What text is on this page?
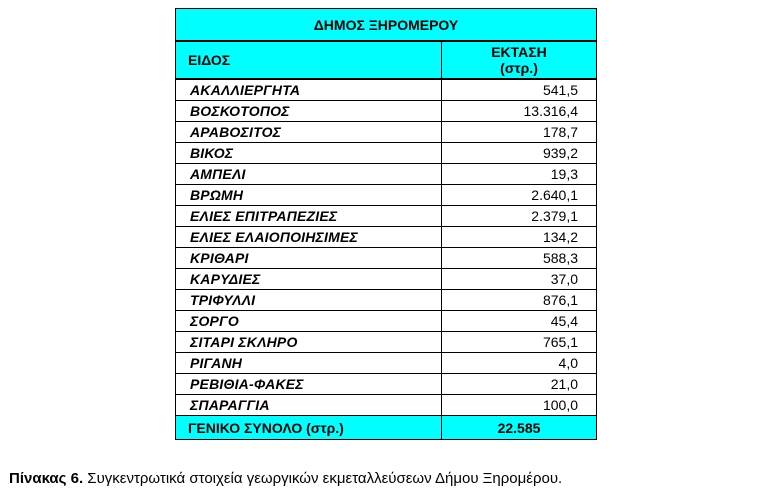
ΔΗΜΟΣ ΞΗΡΟΜΕΡΟΥ	
ΕΙΔΟΣ	ΕΚΤΑΣΗ
(στρ.)
ΑΚΑΛΛΙΕΡΓΗΤΑ	541,5
ΒΟΣΚΟΤΟΠΟΣ	13.316,4
ΑΡΑΒΟΣΙΤΟΣ	178,7
ΒΙΚΟΣ	939,2
ΑΜΠΕΛΙ	19,3
ΒΡΩΜΗ	2.640,1
ΕΛΙΕΣ ΕΠΙΤΡΑΠΕΖΙΕΣ	2.379,1
ΕΛΙΕΣ ΕΛΑΙΟΠΟΙΗΣΙΜΕΣ	134,2
ΚΡΙΘΑΡΙ	588,3
ΚΑΡΥΔΙΕΣ	37,0
ΤΡΙΦΥΛΛΙ	876,1
ΣΟΡΓΟ	45,4
ΣΙΤΑΡΙ ΣΚΛΗΡΟ	765,1
ΡΙΓΑΝΗ	4,0
ΡΕΒΙΘΙΑ-ΦΑΚΕΣ	21,0
ΣΠΑΡΑΓΓΙΑ	100,0
ΓΕΝΙΚΟ ΣΥΝΟΛΟ (στρ.)	22.585
Πίνακας 6. Συγκεντρωτικά στοιχεία γεωργικών εκμεταλλεύσεων Δήμου Ξηρομέρου.
